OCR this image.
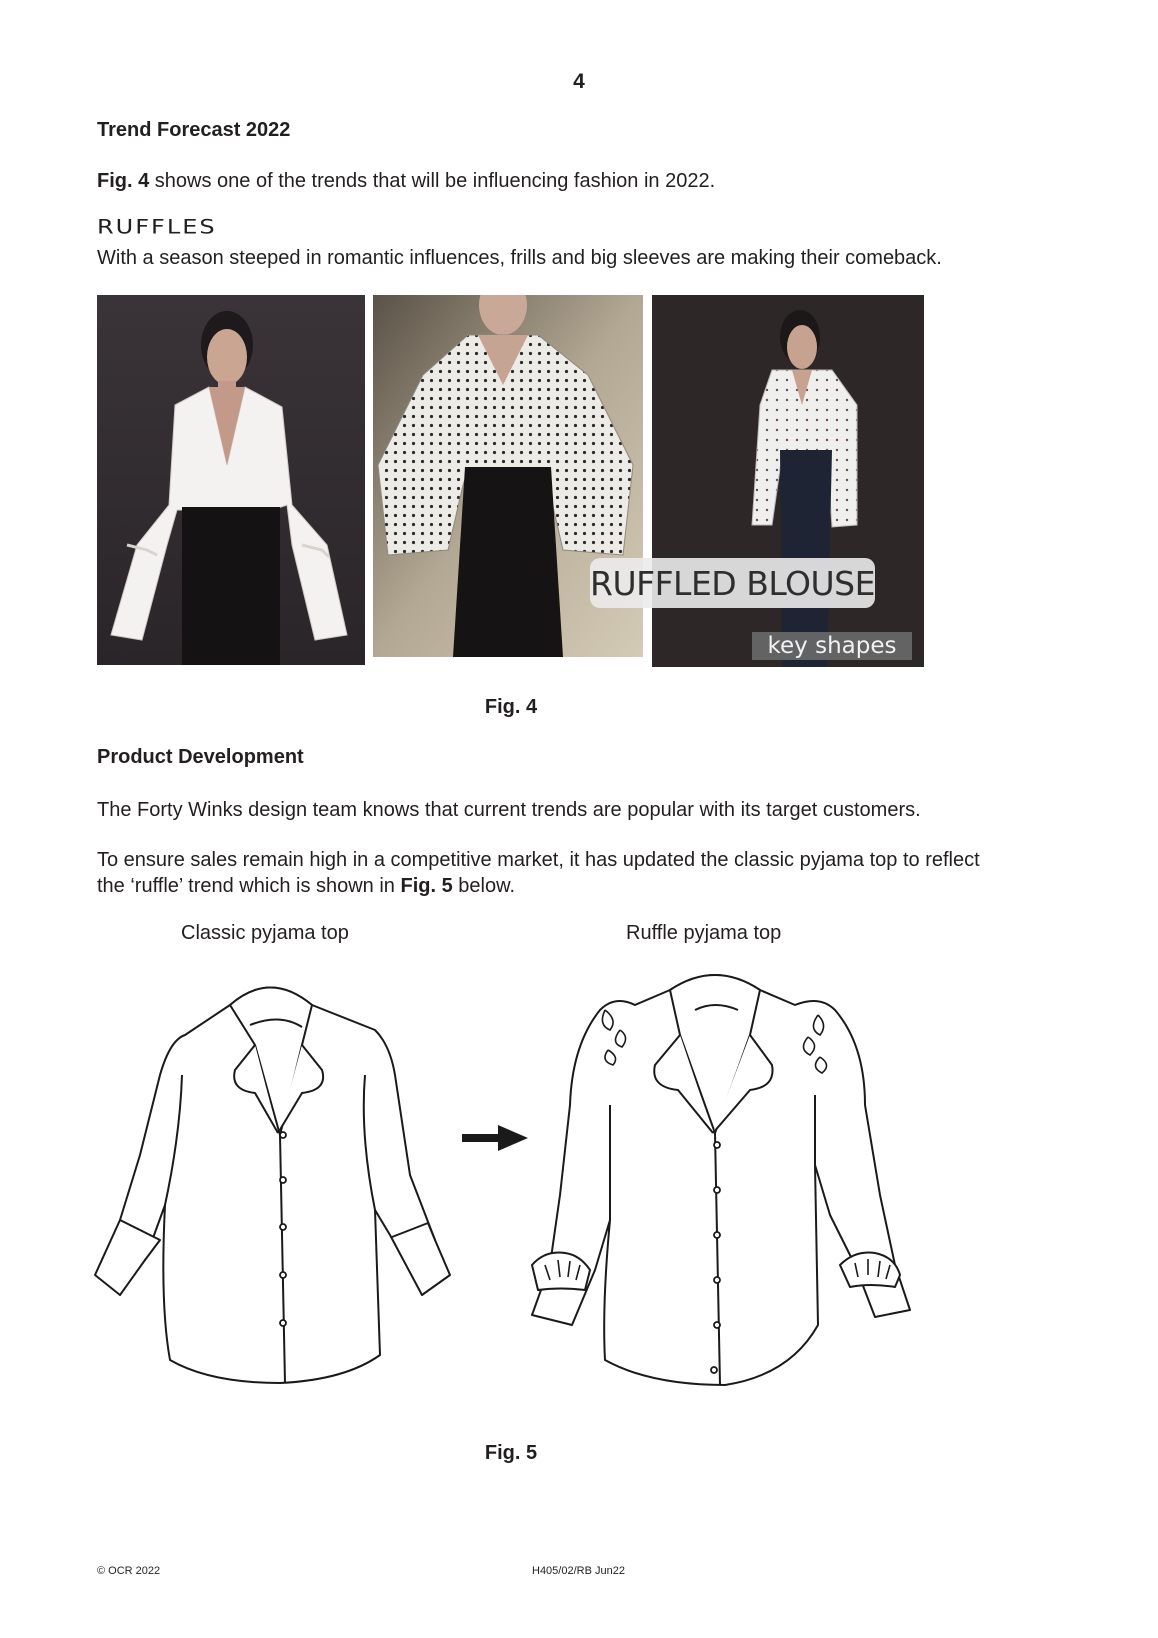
4
Trend Forecast 2022
Fig. 4 shows one of the trends that will be influencing fashion in 2022.
RUFFLES
With a season steeped in romantic influences, frills and big sleeves are making their comeback.
RUFFLED BLOUSE
key shapes
Fig. 4
Product Development
The Forty Winks design team knows that current trends are popular with its target customers.
To ensure sales remain high in a competitive market, it has updated the classic pyjama top to reflect
the ‘ruffle’ trend which is shown in Fig. 5 below.
Classic pyjama top	Ruffle pyjama top
Fig. 5
© OCR 2022	H405/02/RB Jun22
